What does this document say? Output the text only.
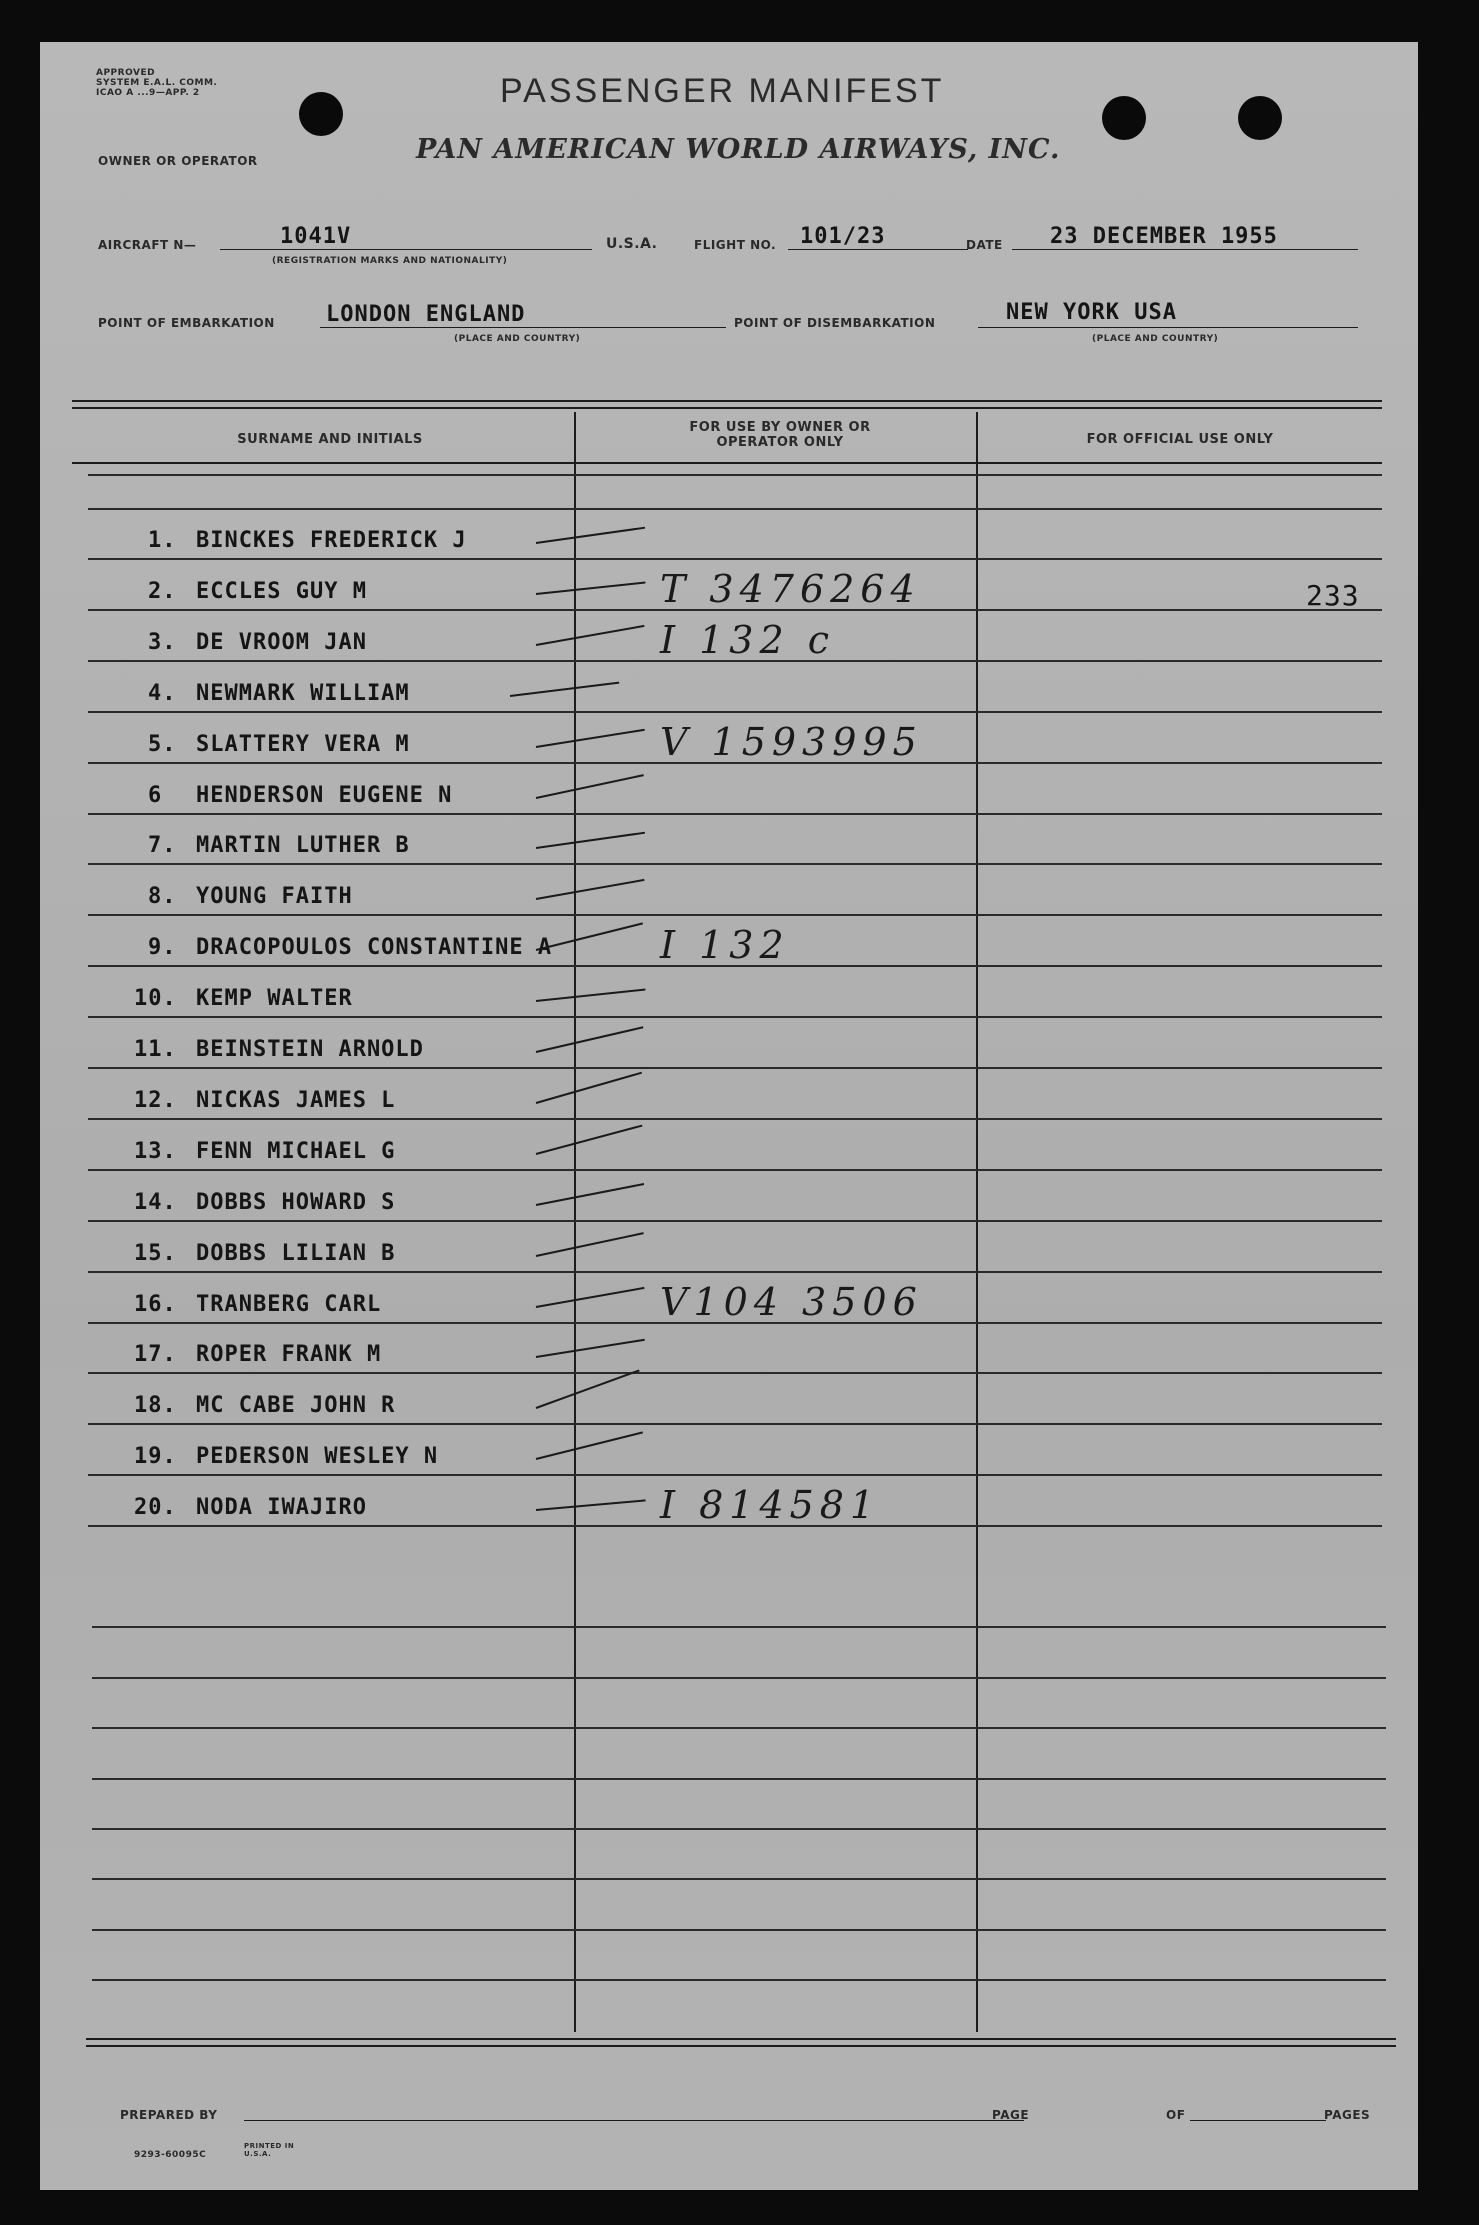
APPROVED
SYSTEM E.A.L. COMM.
ICAO A ...9—APP. 2	PASSENGER MANIFEST
OWNER OR OPERATOR	PAN AMERICAN WORLD AIRWAYS, INC.
AIRCRAFT N—	1041V
(REGISTRATION MARKS AND NATIONALITY)
U.S.A.	FLIGHT NO. 101/23	DATE 23 DECEMBER 1955
POINT OF EMBARKATION LONDON ENGLAND
(PLACE AND COUNTRY)
POINT OF DISEMBARKATION	NEW YORK USA
(PLACE AND COUNTRY)
SURNAME AND INITIALS
FOR USE BY OWNER OR OPERATOR ONLY	FOR OFFICIAL USE ONLY
1. BINCKES FREDERICK J
2. ECCLES GUY M	T 3476264	233
3. DE VROOM JAN	I 132 c
4. NEWMARK WILLIAM
5. SLATTERY VERA M	V 1593995
6 HENDERSON EUGENE N
7. MARTIN LUTHER B
8. YOUNG FAITH
9. DRACOPOULOS CONSTANTINE A	I 132
10. KEMP WALTER
11. BEINSTEIN ARNOLD
12. NICKAS JAMES L
13. FENN MICHAEL G
14. DOBBS HOWARD S
15. DOBBS LILIAN B
16. TRANBERG CARL	V104 3506
17. ROPER FRANK M
18. MC CABE JOHN R
19. PEDERSON WESLEY N
20. NODA IWAJIRO	I 814581
PREPARED BY	PAGE	OF	PAGES
9293-60095C
PRINTED IN U.S.A.
